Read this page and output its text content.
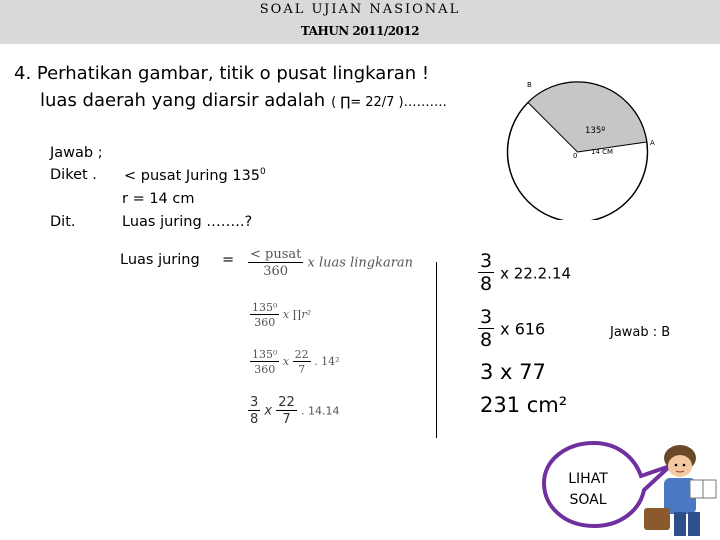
SOAL UJIAN NASIONAL
TAHUN 2011/2012
4. Perhatikan gambar, titik o pusat lingkaran !
luas daerah yang diarsir adalah ( ∏= 22/7 )……….
B
A
0
135º
14 CM
Jawab ;
Diket . < pusat Juring $135^0$
r = 14 cm
Dit.	Luas juring ……..?
Luas juring = $\frac{\text{< pusat}}{360}$ x luas lingkaran
$\frac{\text{135⁰}}{360}$ x ∏r²
$\frac{\text{135⁰}}{360}$ x $\frac{22}{7}$ . 14²
$\frac{3}{8}$ x $\frac{22}{7}$ . 14.14
$\frac{3}{8}$ x 22.2.14
$\frac{3}{8}$ x 616
3 x 77
231 cm²
Jawab : B
LIHAT
SOAL
